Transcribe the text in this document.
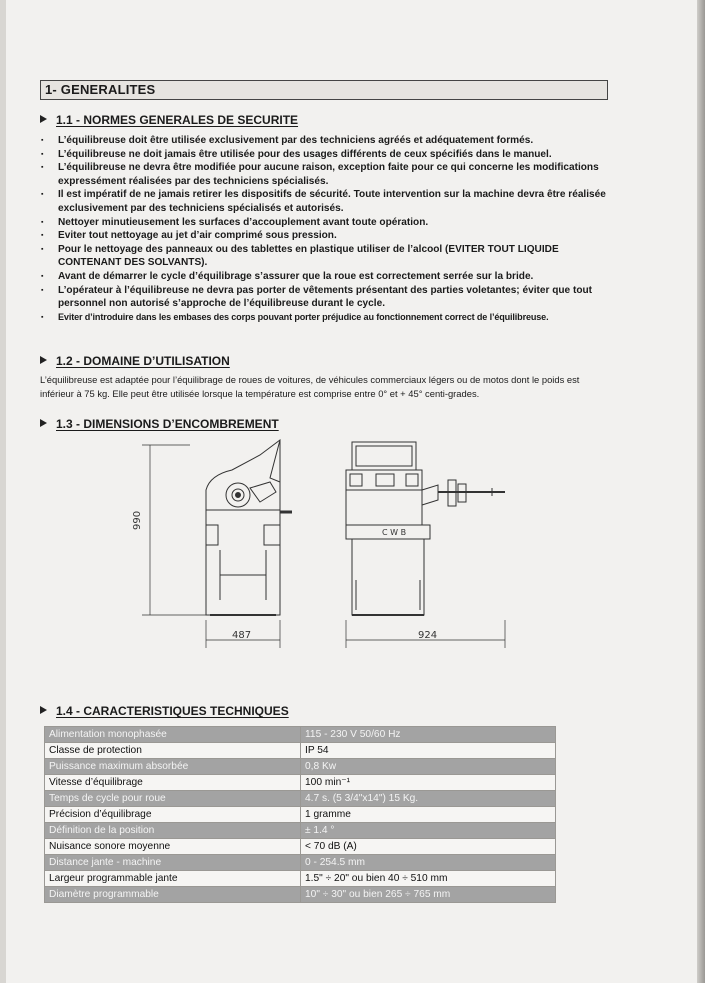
1- GENERALITES
1.1 - NORMES GENERALES DE SECURITE
▪ L’équilibreuse doit être utilisée exclusivement par des techniciens agréés et adéquatement formés.
▪ L’équilibreuse ne doit jamais être utilisée pour des usages différents de ceux spécifiés dans le manuel.
▪ L’équilibreuse ne devra être modifiée pour aucune raison, exception faite pour ce qui concerne les modifications expressément réalisées par des techniciens spécialisés.
▪ Il est impératif de ne jamais retirer les dispositifs de sécurité. Toute intervention sur la machine devra être réalisée exclusivement par des techniciens spécialisés et autorisés.
▪ Nettoyer minutieusement les surfaces d’accouplement avant toute opération.
▪ Eviter tout nettoyage au jet d’air comprimé sous pression.
▪ Pour le nettoyage des panneaux ou des tablettes en plastique utiliser de l’alcool (EVITER TOUT LIQUIDE CONTENANT DES SOLVANTS).
▪ Avant de démarrer le cycle d’équilibrage s’assurer que la roue est correctement serrée sur la bride.
▪ L’opérateur à l’équilibreuse ne devra pas porter de vêtements présentant des parties voletantes; éviter que tout personnel non autorisé s’approche de l’équilibreuse durant le cycle.
▪ Eviter d’introduire dans les embases des corps pouvant porter préjudice au fonctionnement correct de l’équilibreuse.
1.2 - DOMAINE D’UTILISATION
L’équilibreuse est adaptée pour l’équilibrage de roues de voitures, de véhicules commerciaux légers ou de motos dont le poids est inférieur à 75 kg. Elle peut être utilisée lorsque la température est comprise entre 0° et + 45° centi-grades.
1.3 - DIMENSIONS D’ENCOMBREMENT
990
487	924
C W B
1.4 - CARACTERISTIQUES TECHNIQUES
Alimentation monophasée	115 - 230 V 50/60 Hz
Classe de protection	IP 54
Puissance maximum absorbée	0,8 Kw
Vitesse d’équilibrage	100 min⁻¹
Temps de cycle pour roue	4.7 s. (5 3/4"x14") 15 Kg.
Précision d’équilibrage	1 gramme
Définition de la position	± 1.4 °
Nuisance sonore moyenne	< 70 dB (A)
Distance jante - machine	0 - 254.5 mm
Largeur programmable jante	1.5" ÷ 20" ou bien 40 ÷ 510 mm
Diamètre programmable	10" ÷ 30" ou bien 265 ÷ 765 mm
